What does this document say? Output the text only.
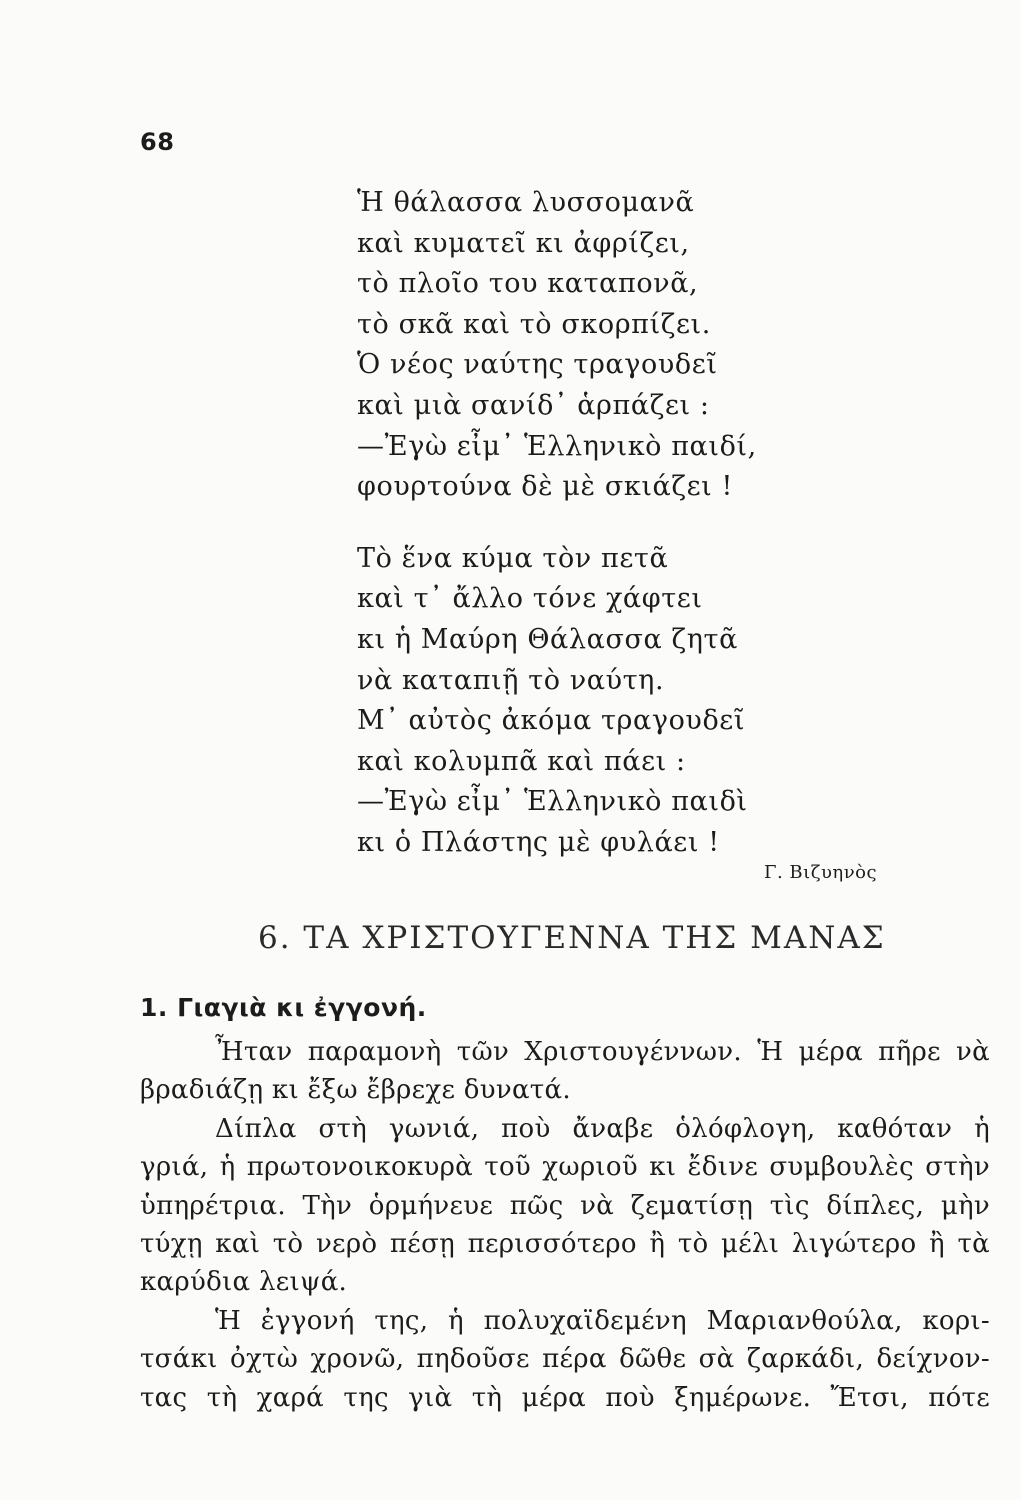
68
Ἡ θάλασσα λυσσομανᾶ
καὶ κυματεῖ κι ἀφρίζει,
τὸ πλοῖο του καταπονᾶ,
τὸ σκᾶ καὶ τὸ σκορπίζει.
Ὁ νέος ναύτης τραγουδεῖ
καὶ μιὰ σανίδ᾽ ἁρπάζει :
—Ἐγὼ εἶμ᾽ Ἑλληνικὸ παιδί,
φουρτούνα δὲ μὲ σκιάζει !
Τὸ ἕνα κύμα τὸν πετᾶ
καὶ τ᾽ ἄλλο τόνε χάφτει
κι ἡ Μαύρη Θάλασσα ζητᾶ
νὰ καταπιῇ τὸ ναύτη.
Μ᾽ αὐτὸς ἀκόμα τραγουδεῖ
καὶ κολυμπᾶ καὶ πάει :
—Ἐγὼ εἶμ᾽ Ἑλληνικὸ παιδὶ
κι ὁ Πλάστης μὲ φυλάει !
Γ. Βιζυηνὸς
6. ΤΑ ΧΡΙΣΤΟΥΓΕΝΝΑ ΤΗΣ ΜΑΝΑΣ
1. Γιαγιὰ κι ἐγγονή.
Ἦταν παραμονὴ τῶν Χριστουγέννων. Ἡ μέρα πῆρε νὰ
βραδιάζῃ κι ἔξω ἔβρεχε δυνατά.
Δίπλα στὴ γωνιά, ποὺ ἄναβε ὁλόφλογη, καθόταν ἡ
γριά, ἡ πρωτονοικοκυρὰ τοῦ χωριοῦ κι ἔδινε συμβουλὲς στὴν
ὑπηρέτρια. Τὴν ὁρμήνευε πῶς νὰ ζεματίσῃ τὶς δίπλες, μὴν
τύχῃ καὶ τὸ νερὸ πέσῃ περισσότερο ἢ τὸ μέλι λιγώτερο ἢ τὰ
καρύδια λειψά.
Ἡ ἐγγονή της, ἡ πολυχαϊδεμένη Μαριανθούλα, κορι-
τσάκι ὀχτὼ χρονῶ, πηδοῦσε πέρα δῶθε σὰ ζαρκάδι, δείχνον-
τας τὴ χαρά της γιὰ τὴ μέρα ποὺ ξημέρωνε. Ἔτσι, πότε
